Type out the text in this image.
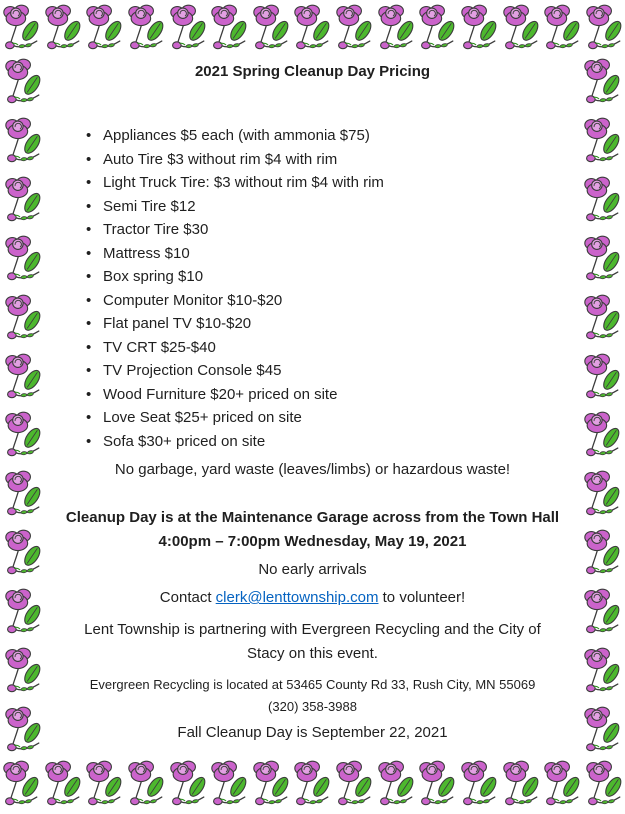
2021 Spring Cleanup Day Pricing
• Appliances $5 each (with ammonia $75)
• Auto Tire $3 without rim $4 with rim
• Light Truck Tire: $3 without rim $4 with rim
• Semi Tire $12
• Tractor Tire $30
• Mattress $10
• Box spring $10
• Computer Monitor $10-$20
• Flat panel TV $10-$20
• TV CRT $25-$40
• TV Projection Console $45
• Wood Furniture $20+ priced on site
• Love Seat $25+ priced on site
• Sofa $30+ priced on site

No garbage, yard waste (leaves/limbs) or hazardous waste!

Cleanup Day is at the Maintenance Garage across from the Town Hall
4:00pm – 7:00pm Wednesday, May 19, 2021

No early arrivals

Contact clerk@lenttownship.com to volunteer!

Lent Township is partnering with Evergreen Recycling and the City of Stacy on this event.

Evergreen Recycling is located at 53465 County Rd 33, Rush City, MN 55069
(320) 358-3988

Fall Cleanup Day is September 22, 2021
